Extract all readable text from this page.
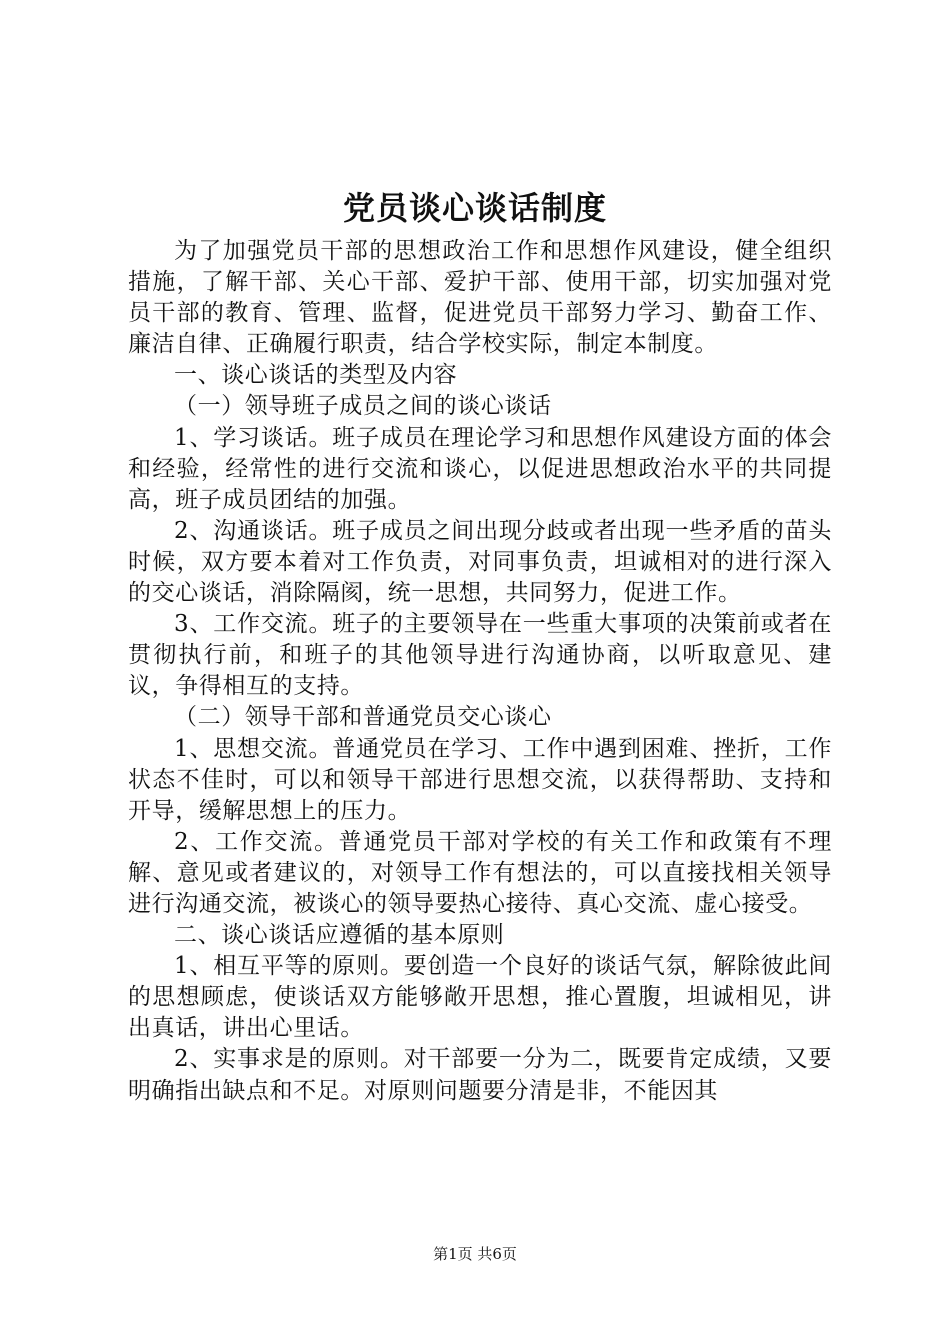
党员谈心谈话制度

为了加强党员干部的思想政治工作和思想作风建设，健全组织措施，了解干部、关心干部、爱护干部、使用干部，切实加强对党员干部的教育、管理、监督，促进党员干部努力学习、勤奋工作、廉洁自律、正确履行职责，结合学校实际，制定本制度。

一、谈心谈话的类型及内容

（一）领导班子成员之间的谈心谈话

1、学习谈话。班子成员在理论学习和思想作风建设方面的体会和经验，经常性的进行交流和谈心，以促进思想政治水平的共同提高，班子成员团结的加强。

2、沟通谈话。班子成员之间出现分歧或者出现一些矛盾的苗头时候，双方要本着对工作负责，对同事负责，坦诚相对的进行深入的交心谈话，消除隔阂，统一思想，共同努力，促进工作。

3、工作交流。班子的主要领导在一些重大事项的决策前或者在贯彻执行前，和班子的其他领导进行沟通协商，以听取意见、建议，争得相互的支持。

（二）领导干部和普通党员交心谈心

1、思想交流。普通党员在学习、工作中遇到困难、挫折，工作状态不佳时，可以和领导干部进行思想交流，以获得帮助、支持和开导，缓解思想上的压力。

2、工作交流。普通党员干部对学校的有关工作和政策有不理解、意见或者建议的，对领导工作有想法的，可以直接找相关领导进行沟通交流，被谈心的领导要热心接待、真心交流、虚心接受。

二、谈心谈话应遵循的基本原则

1、相互平等的原则。要创造一个良好的谈话气氛，解除彼此间的思想顾虑，使谈话双方能够敞开思想，推心置腹，坦诚相见，讲出真话，讲出心里话。

2、实事求是的原则。对干部要一分为二，既要肯定成绩，又要明确指出缺点和不足。对原则问题要分清是非，不能因其

第1页 共6页
